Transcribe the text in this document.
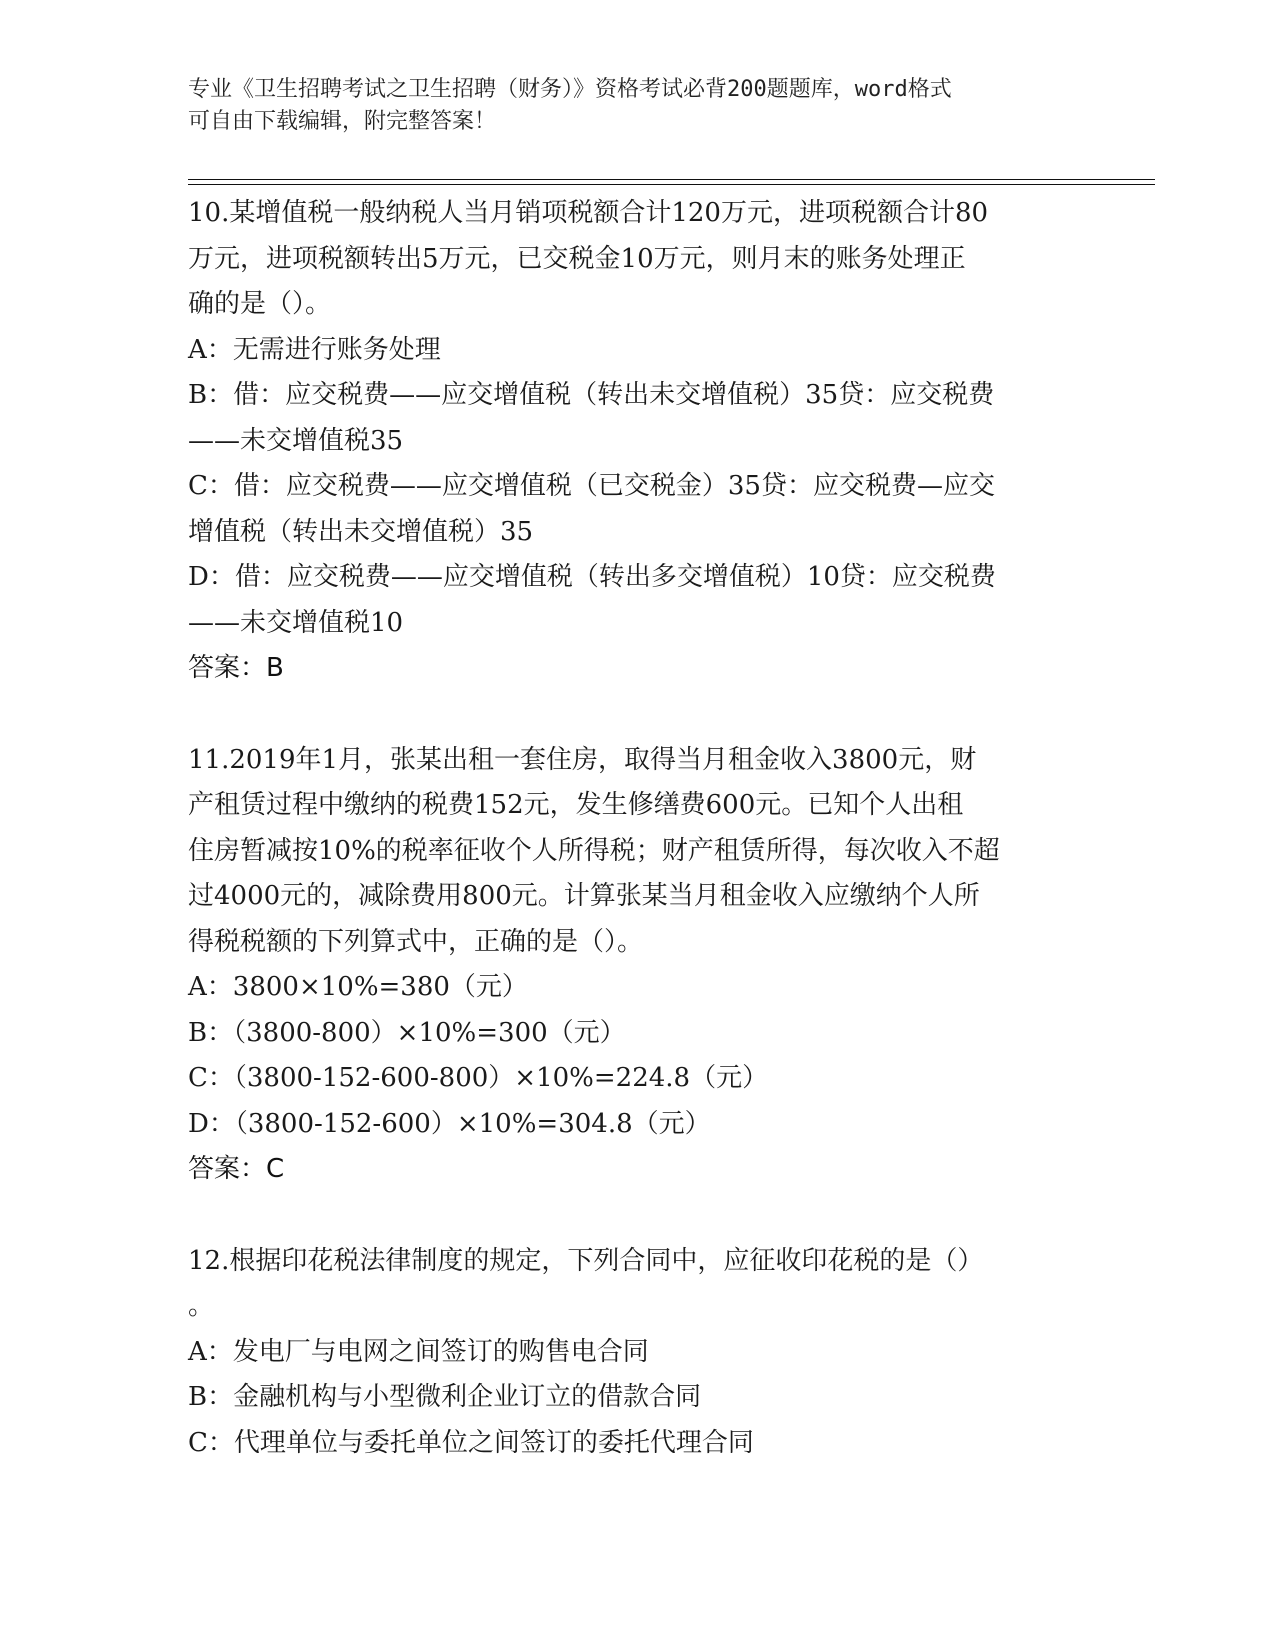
专业《卫生招聘考试之卫生招聘（财务）》资格考试必背200题题库，word格式
可自由下载编辑，附完整答案！
10.某增值税一般纳税人当月销项税额合计120万元，进项税额合计80
万元，进项税额转出5万元，已交税金10万元，则月末的账务处理正
确的是（）。
A：无需进行账务处理
B：借：应交税费——应交增值税（转出未交增值税）35贷：应交税费
——未交增值税35
C：借：应交税费——应交增值税（已交税金）35贷：应交税费—应交
增值税（转出未交增值税）35
D：借：应交税费——应交增值税（转出多交增值税）10贷：应交税费
——未交增值税10
答案：B
11.2019年1月，张某出租一套住房，取得当月租金收入3800元，财
产租赁过程中缴纳的税费152元，发生修缮费600元。已知个人出租
住房暂减按10%的税率征收个人所得税；财产租赁所得，每次收入不超
过4000元的，减除费用800元。计算张某当月租金收入应缴纳个人所
得税税额的下列算式中，正确的是（）。
A：3800×10%=380（元）
B：（3800-800）×10%=300（元）
C：（3800-152-600-800）×10%=224.8（元）
D：（3800-152-600）×10%=304.8（元）
答案：C
12.根据印花税法律制度的规定，下列合同中，应征收印花税的是（）
。
A：发电厂与电网之间签订的购售电合同
B：金融机构与小型微利企业订立的借款合同
C：代理单位与委托单位之间签订的委托代理合同
